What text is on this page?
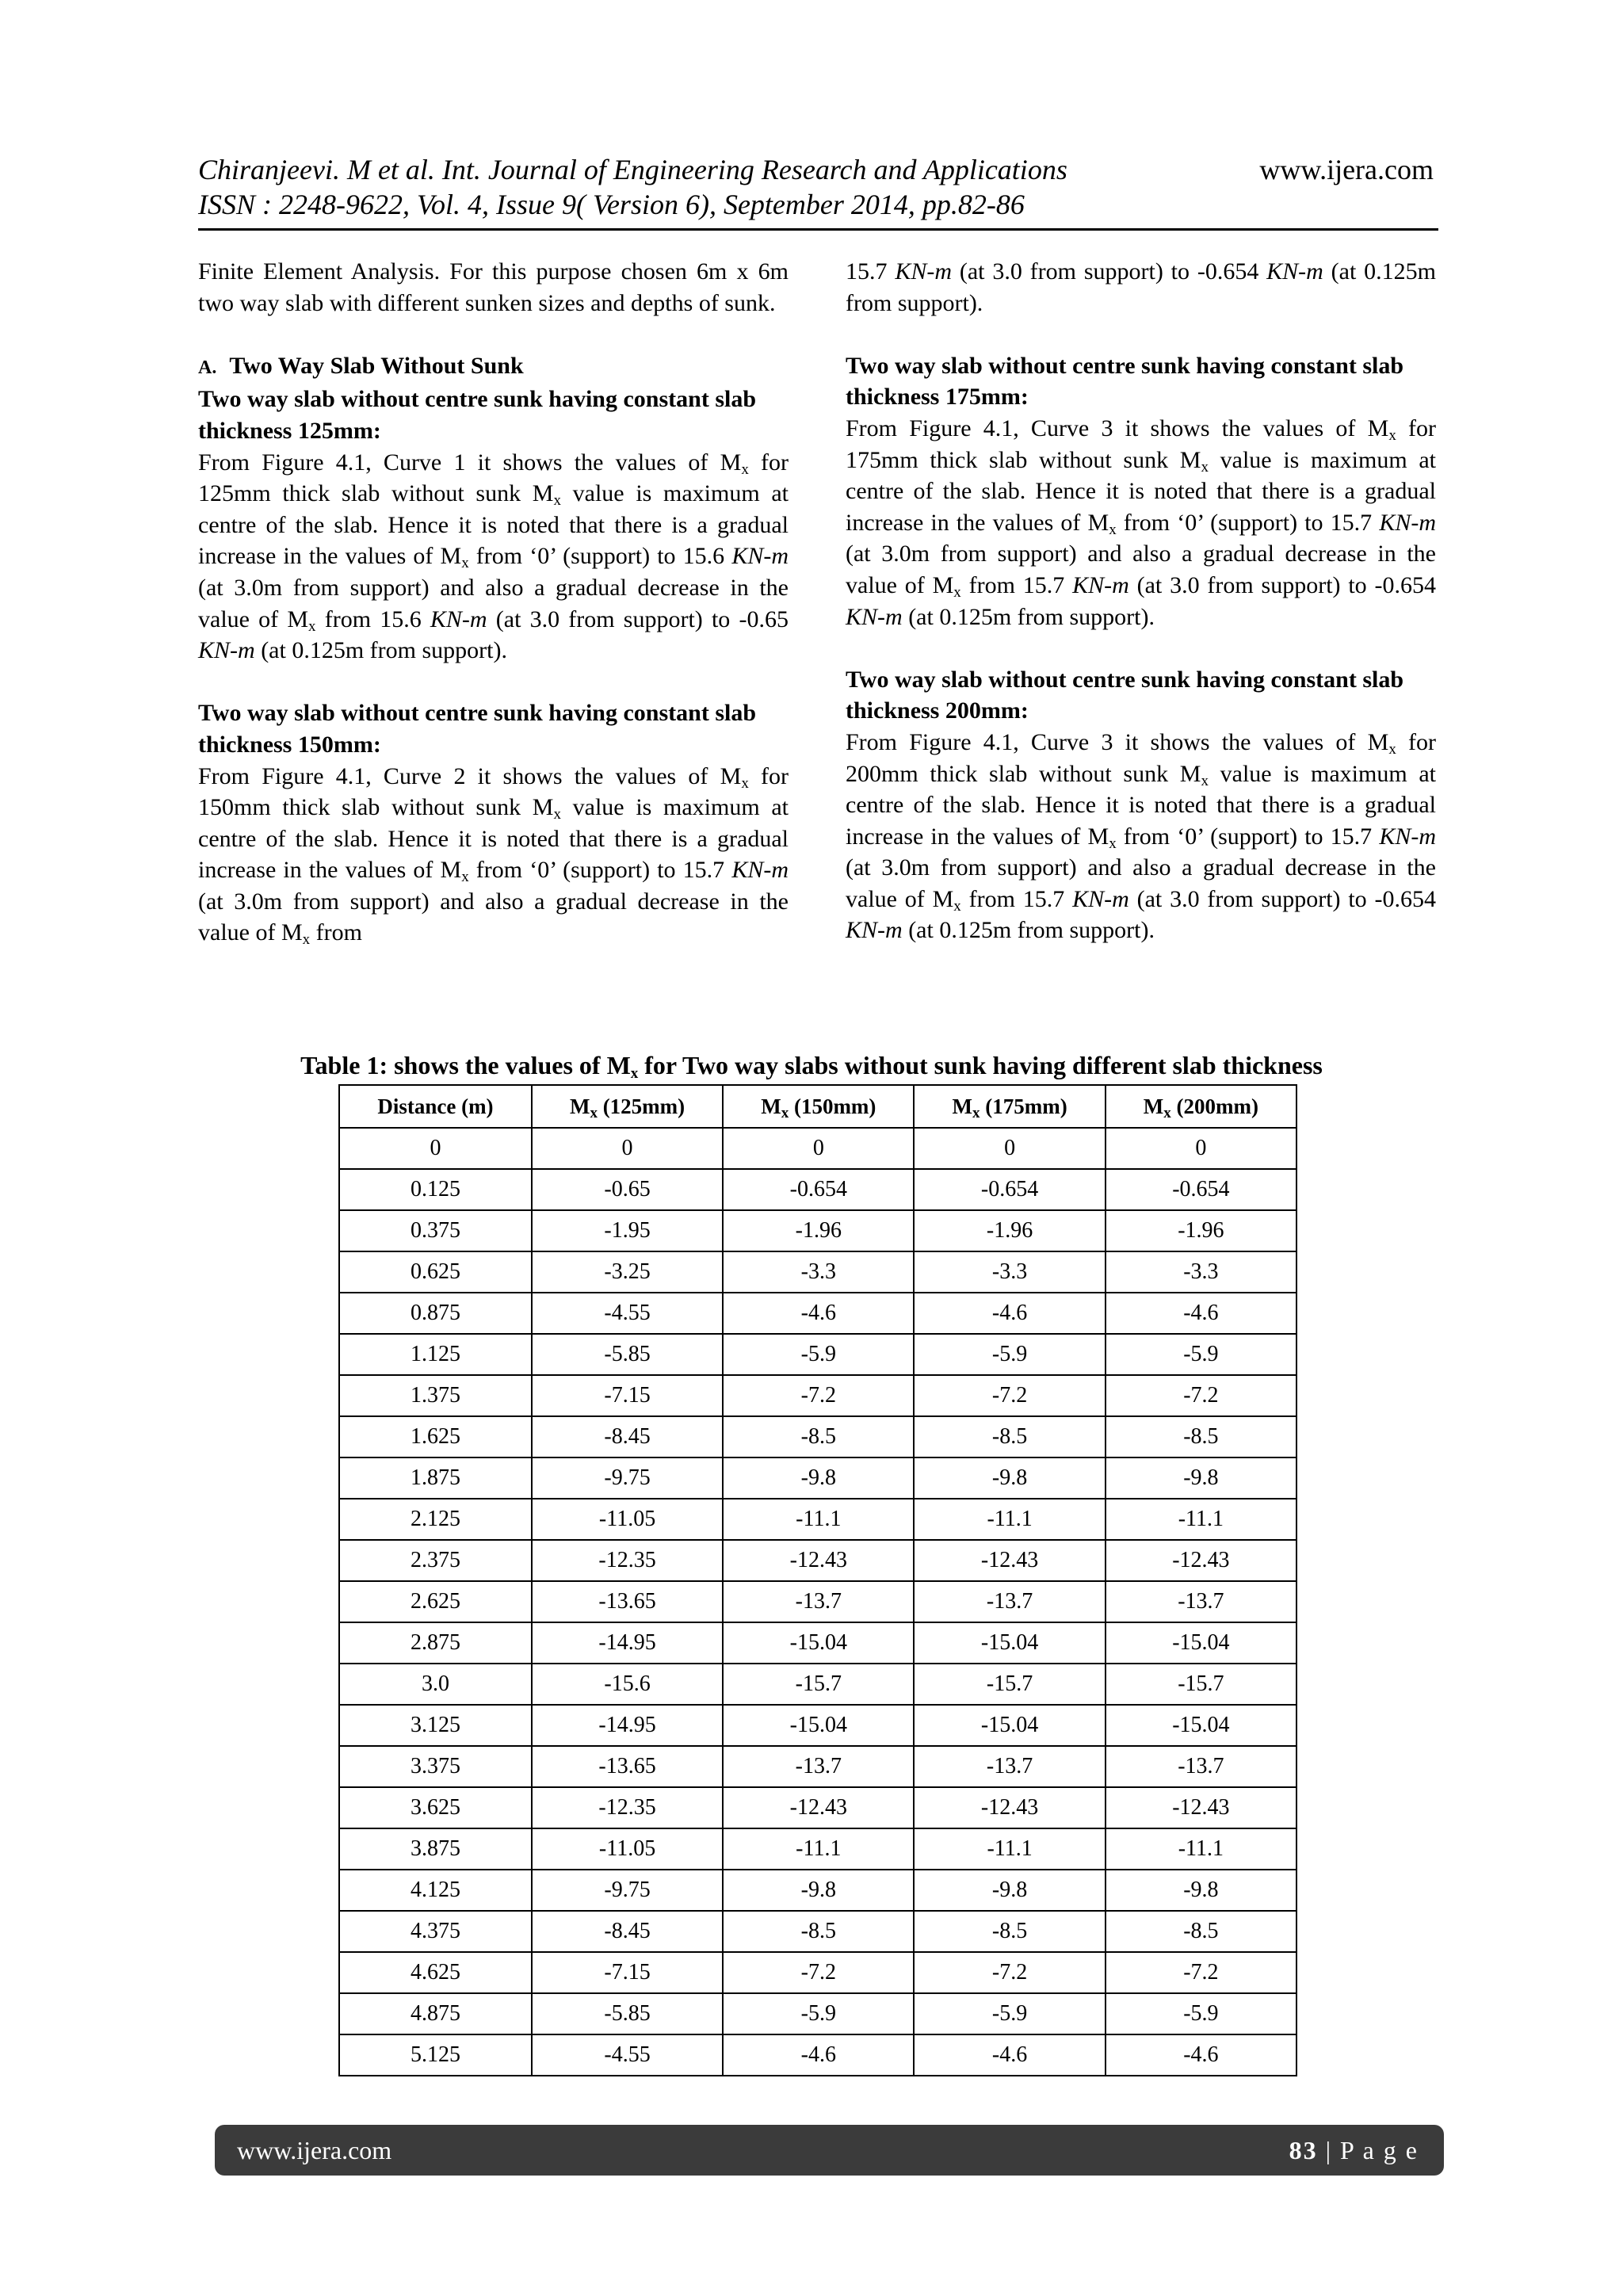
Chiranjeevi. M et al. Int. Journal of Engineering Research and Applications
ISSN : 2248-9622, Vol. 4, Issue 9( Version 6), September 2014, pp.82-86
www.ijera.com

Finite Element Analysis. For this purpose chosen 6m x 6m two way slab with different sunken sizes and depths of sunk.

A. Two Way Slab Without Sunk

Two way slab without centre sunk having constant slab thickness 125mm:

From Figure 4.1, Curve 1 it shows the values of $M_x$ for 125mm thick slab without sunk $M_x$ value is maximum at centre of the slab. Hence it is noted that there is a gradual increase in the values of $M_x$ from ‘0’ (support) to 15.6 KN-m (at 3.0m from support) and also a gradual decrease in the value of $M_x$ from 15.6 KN-m (at 3.0 from support) to -0.65 KN-m (at 0.125m from support).

Two way slab without centre sunk having constant slab thickness 150mm:

From Figure 4.1, Curve 2 it shows the values of $M_x$ for 150mm thick slab without sunk $M_x$ value is maximum at centre of the slab. Hence it is noted that there is a gradual increase in the values of $M_x$ from ‘0’ (support) to 15.7 KN-m (at 3.0m from support) and also a gradual decrease in the value of $M_x$ from

15.7 KN-m (at 3.0 from support) to -0.654 KN-m (at 0.125m from support).

Two way slab without centre sunk having constant slab thickness 175mm:

From Figure 4.1, Curve 3 it shows the values of $M_x$ for 175mm thick slab without sunk $M_x$ value is maximum at centre of the slab. Hence it is noted that there is a gradual increase in the values of $M_x$ from ‘0’ (support) to 15.7 KN-m (at 3.0m from support) and also a gradual decrease in the value of $M_x$ from 15.7 KN-m (at 3.0 from support) to -0.654 KN-m (at 0.125m from support).

Two way slab without centre sunk having constant slab thickness 200mm:

From Figure 4.1, Curve 3 it shows the values of $M_x$ for 200mm thick slab without sunk $M_x$ value is maximum at centre of the slab. Hence it is noted that there is a gradual increase in the values of $M_x$ from ‘0’ (support) to 15.7 KN-m (at 3.0m from support) and also a gradual decrease in the value of $M_x$ from 15.7 KN-m (at 3.0 from support) to -0.654 KN-m (at 0.125m from support).

Table 1: shows the values of $M_x$ for Two way slabs without sunk having different slab thickness
Distance (m)	$M_x$ (125mm)	$M_x$ (150mm)	$M_x$ (175mm)	$M_x$ (200mm)
0	0	0	0	0
0.125	-0.65	-0.654	-0.654	-0.654
0.375	-1.95	-1.96	-1.96	-1.96
0.625	-3.25	-3.3	-3.3	-3.3
0.875	-4.55	-4.6	-4.6	-4.6
1.125	-5.85	-5.9	-5.9	-5.9
1.375	-7.15	-7.2	-7.2	-7.2
1.625	-8.45	-8.5	-8.5	-8.5
1.875	-9.75	-9.8	-9.8	-9.8
2.125	-11.05	-11.1	-11.1	-11.1
2.375	-12.35	-12.43	-12.43	-12.43
2.625	-13.65	-13.7	-13.7	-13.7
2.875	-14.95	-15.04	-15.04	-15.04
3.0	-15.6	-15.7	-15.7	-15.7
3.125	-14.95	-15.04	-15.04	-15.04
3.375	-13.65	-13.7	-13.7	-13.7
3.625	-12.35	-12.43	-12.43	-12.43
3.875	-11.05	-11.1	-11.1	-11.1
4.125	-9.75	-9.8	-9.8	-9.8
4.375	-8.45	-8.5	-8.5	-8.5
4.625	-7.15	-7.2	-7.2	-7.2
4.875	-5.85	-5.9	-5.9	-5.9
5.125	-4.55	-4.6	-4.6	-4.6
www.ijera.com	83 | P a g e
